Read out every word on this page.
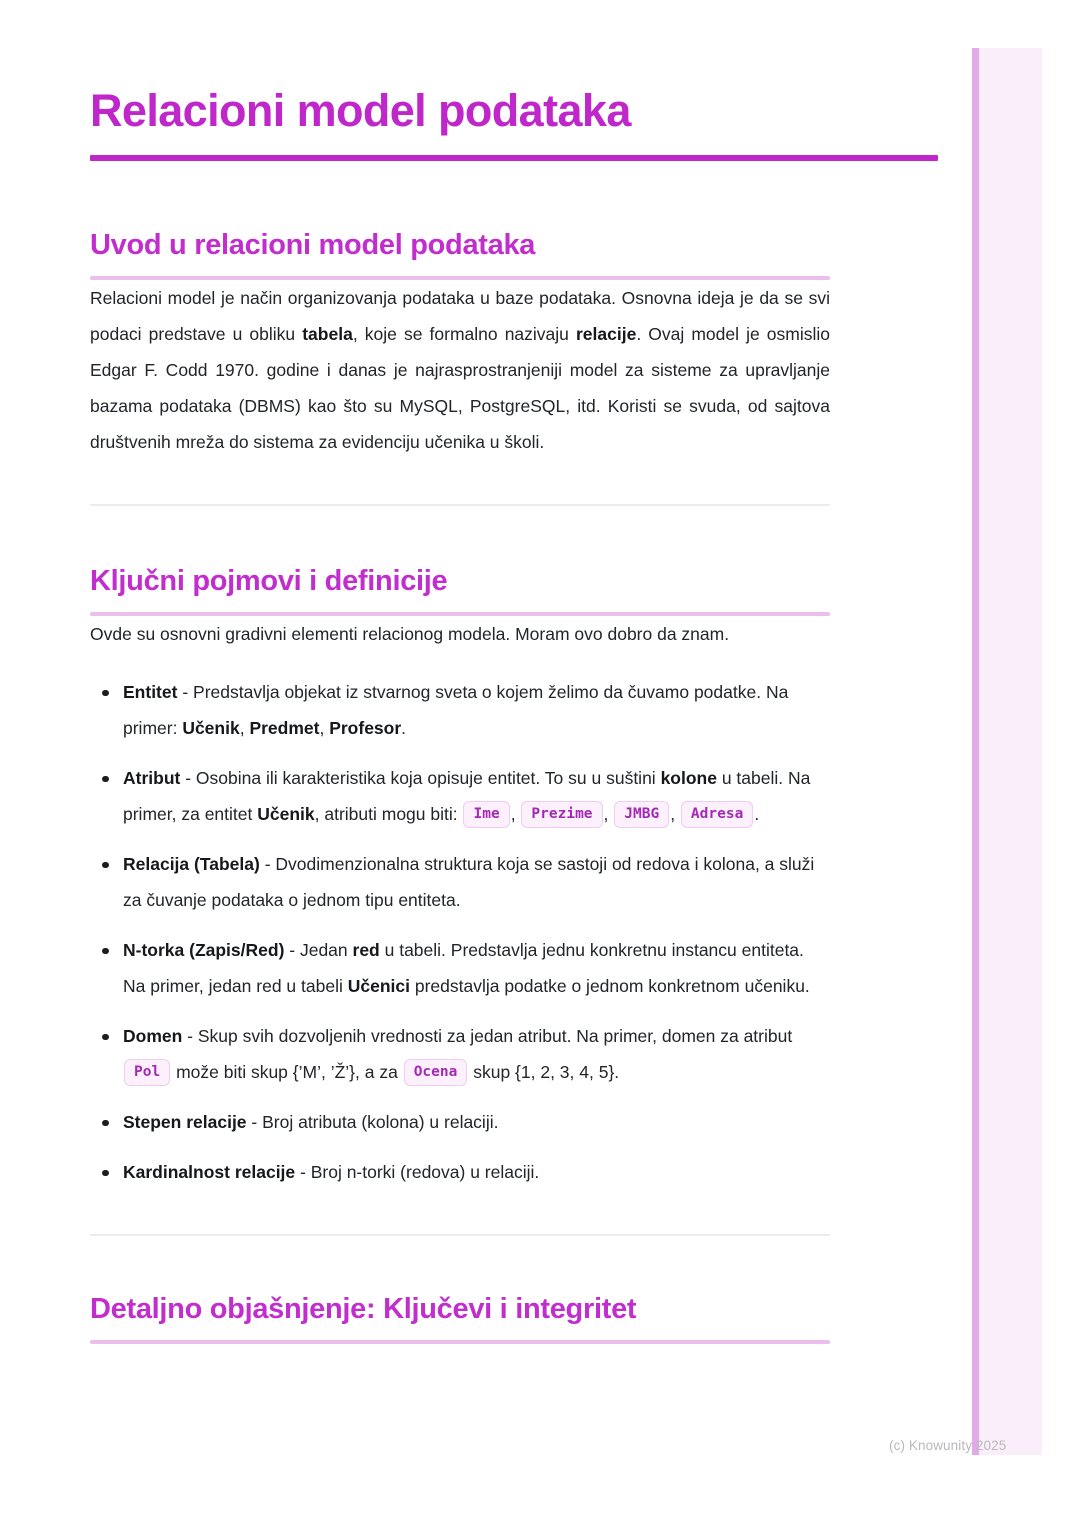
Relacioni model podataka
Uvod u relacioni model podataka

Relacioni model je način organizovanja podataka u baze podataka. Osnovna ideja je da se svi podaci predstave u obliku tabela, koje se formalno nazivaju relacije. Ovaj model je osmislio Edgar F. Codd 1970. godine i danas je najrasprostranjeniji model za sisteme za upravljanje bazama podataka (DBMS) kao što su MySQL, PostgreSQL, itd. Koristi se svuda, od sajtova društvenih mreža do sistema za evidenciju učenika u školi.

Ključni pojmovi i definicije

Ovde su osnovni gradivni elementi relacionog modela. Moram ovo dobro da znam.

Entitet - Predstavlja objekat iz stvarnog sveta o kojem želimo da čuvamo podatke. Na primer: Učenik, Predmet, Profesor.
Atribut - Osobina ili karakteristika koja opisuje entitet. To su u suštini kolone u tabeli. Na primer, za entitet Učenik, atributi mogu biti: Ime , Prezime , JMBG , Adresa .
Relacija (Tabela) - Dvodimenzionalna struktura koja se sastoji od redova i kolona, a služi za čuvanje podataka o jednom tipu entiteta.
N-torka (Zapis/Red) - Jedan red u tabeli. Predstavlja jednu konkretnu instancu entiteta. Na primer, jedan red u tabeli Učenici predstavlja podatke o jednom konkretnom učeniku.
Domen - Skup svih dozvoljenih vrednosti za jedan atribut. Na primer, domen za atribut Pol može biti skup {’M’, ’Ž’}, a za Ocena skup {1, 2, 3, 4, 5}.
Stepen relacije - Broj atributa (kolona) u relaciji.
Kardinalnost relacije - Broj n-torki (redova) u relaciji.
Detaljno objašnjenje: Ključevi i integritet
(c) Knowunity 2025
